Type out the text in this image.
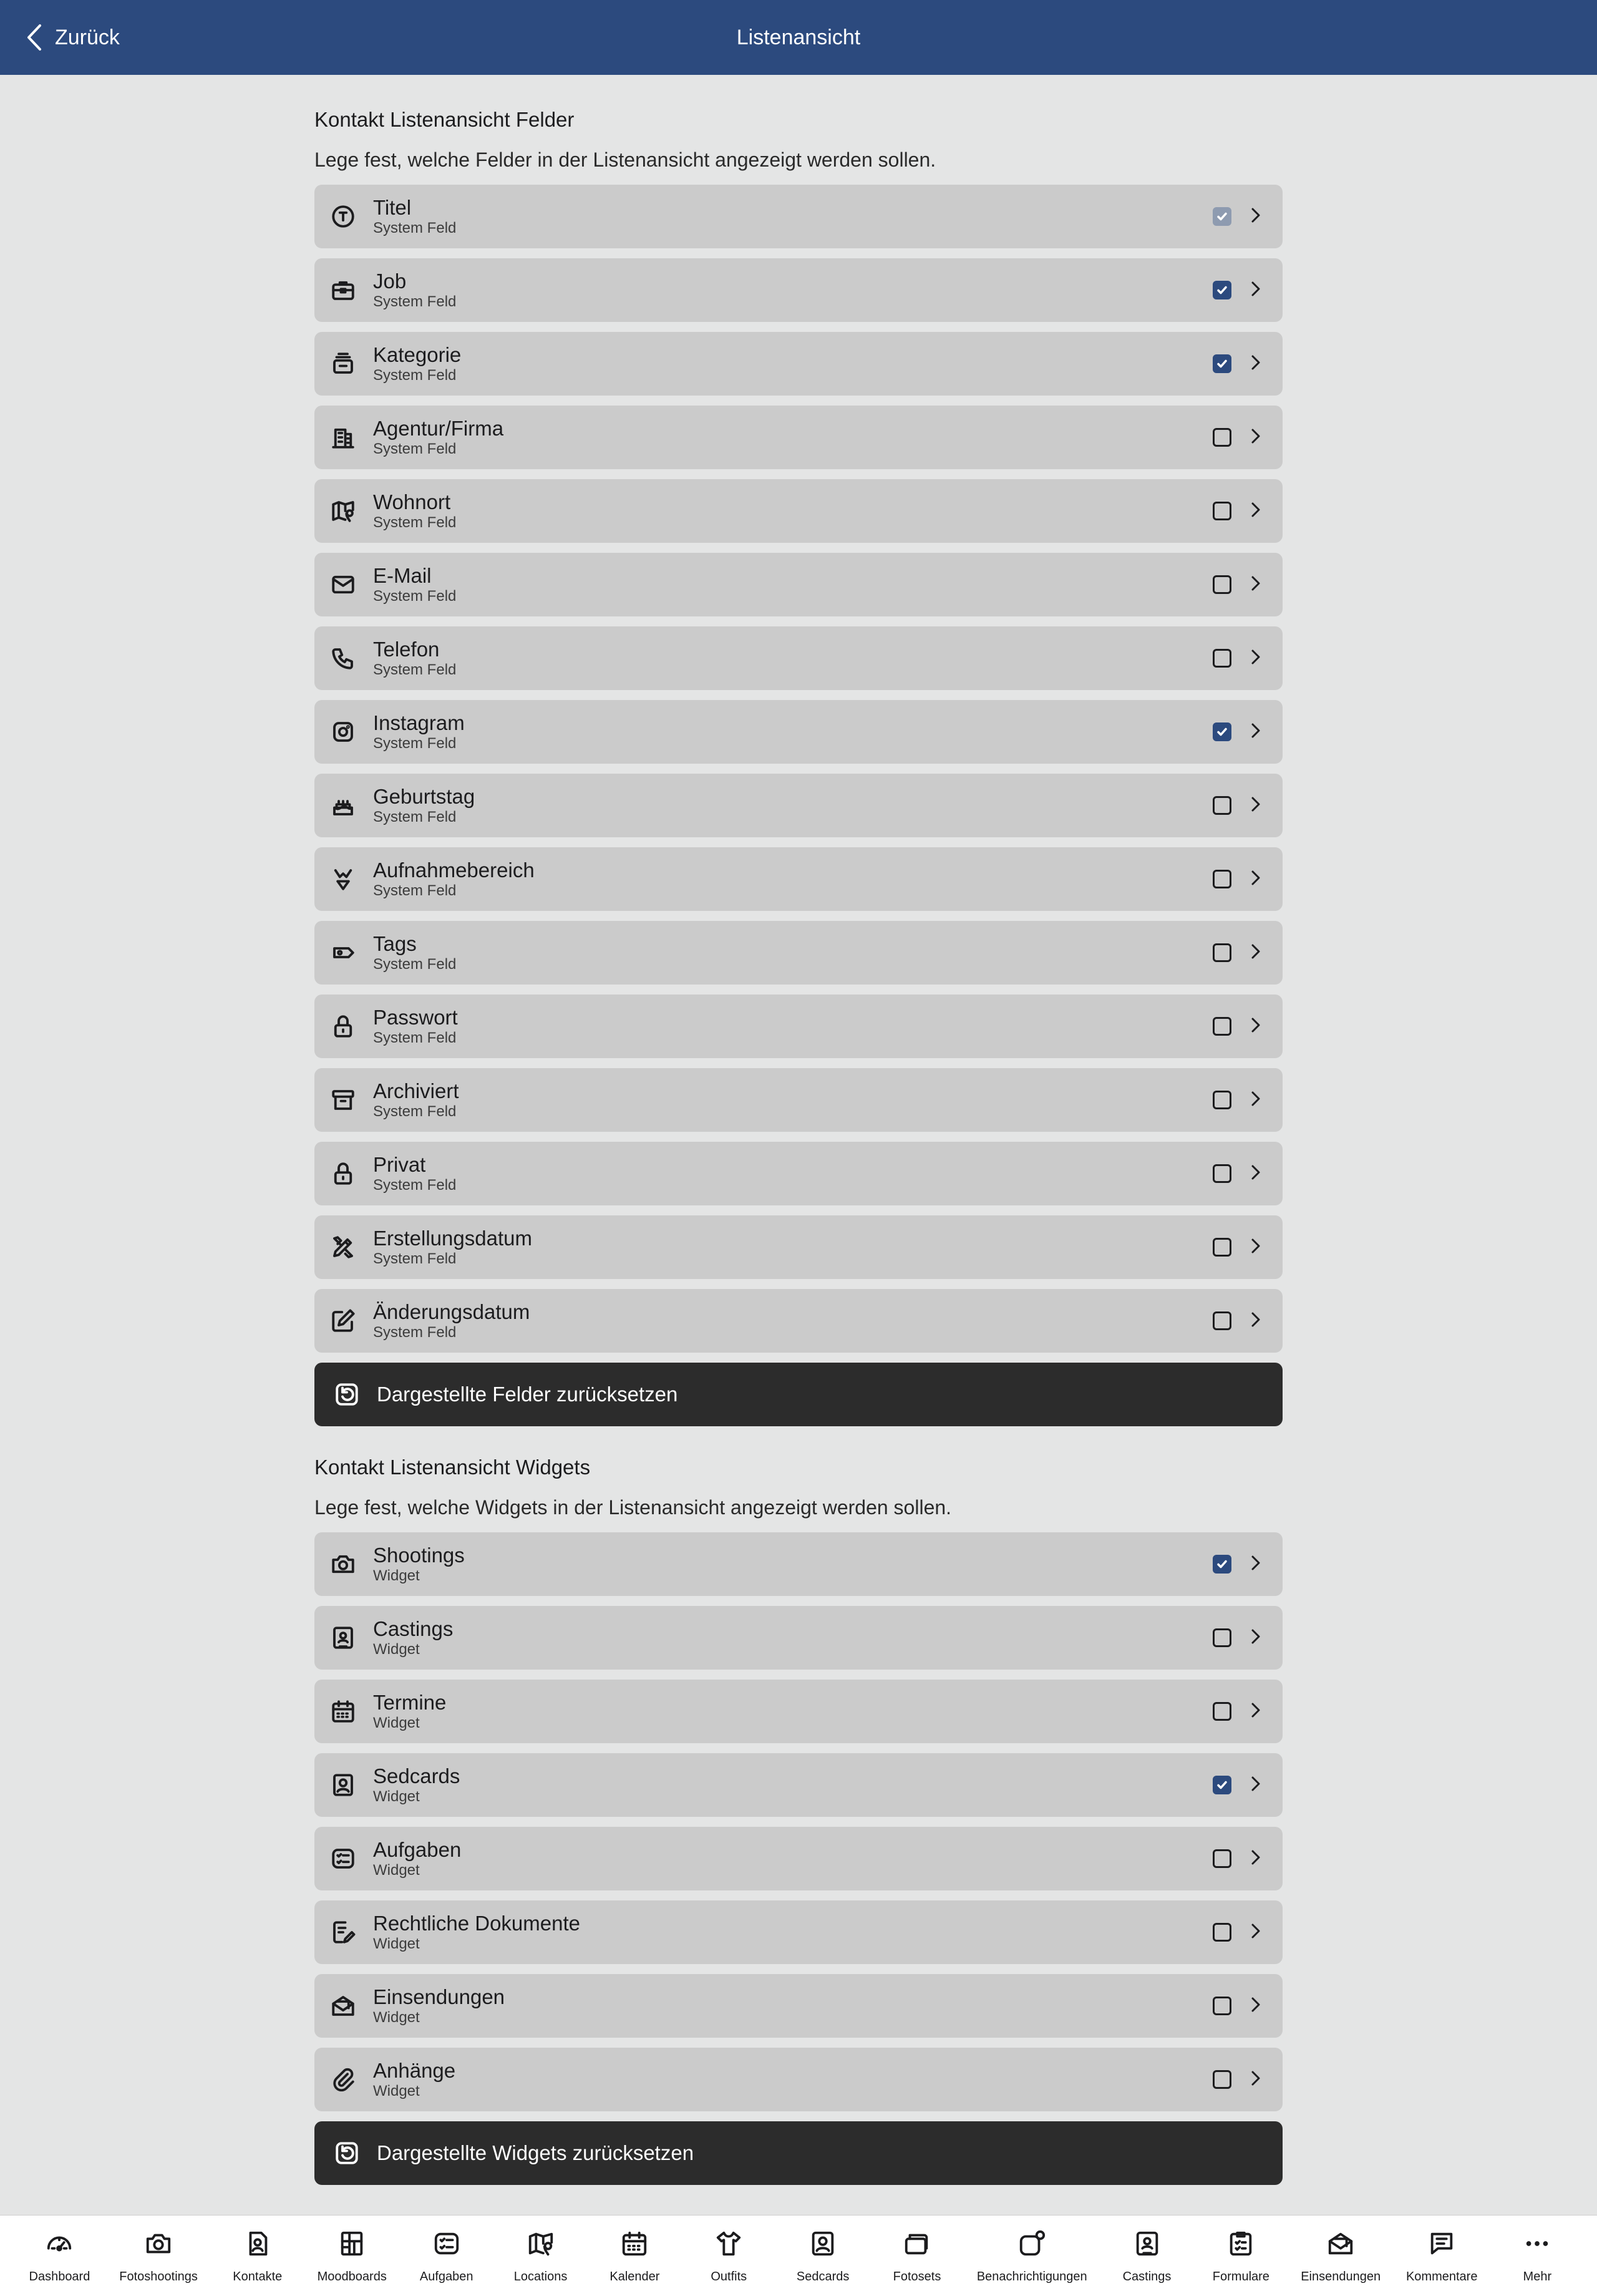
Zurück	Listenansicht
Kontakt Listenansicht Felder
Lege fest, welche Felder in der Listenansicht angezeigt werden sollen.
Titel
System Feld
Job
System Feld
Kategorie
System Feld
Agentur/Firma
System Feld
Wohnort
System Feld
E-Mail
System Feld
Telefon
System Feld
Instagram
System Feld
Geburtstag
System Feld
Aufnahmebereich
System Feld
Tags
System Feld
Passwort
System Feld
Archiviert
System Feld
Privat
System Feld
Erstellungsdatum
System Feld
Änderungsdatum
System Feld
Dargestellte Felder zurücksetzen
Kontakt Listenansicht Widgets
Lege fest, welche Widgets in der Listenansicht angezeigt werden sollen.
Shootings
Widget
Castings
Widget
Termine
Widget
Sedcards
Widget
Aufgaben
Widget
Rechtliche Dokumente
Widget
Einsendungen
Widget
Anhänge
Widget
Dargestellte Widgets zurücksetzen
Dashboard Fotoshootings	Kontakte	Moodboards	Aufgaben	Locations	Kalender	Outfits	Sedcards	Fotosets	Benachrichtigungen	Castings	Formulare	Einsendungen Kommentare	Mehr
